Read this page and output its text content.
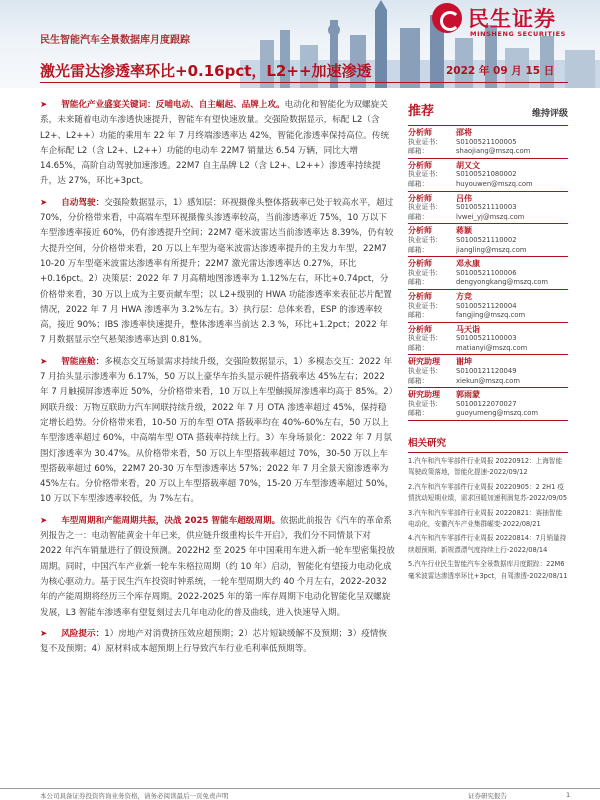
民生证券
MINSHENG SECURITIES
民生智能汽车全景数据库月度跟踪
激光雷达渗透率环比+0.16pct，L2++加速渗透	2022 年 09 月 15 日

➤ 智能化产业盛宴关键词：反哺电动、自主崛起、品牌上攻。电动化和智能化为双螺旋关系，未来随着电动车渗透快速提升，智能车有望快速放量。交强险数据显示，标配 L2（含 L2+、L2++）功能的乘用车 22 年 7 月终端渗透率达 42%，智能化渗透率保持高位。传统车企标配 L2（含 L2+、L2++）功能的电动车 22M7 销量达 6.54 万辆，同比大增 14.65%，高阶自动驾驶加速渗透。22M7 自主品牌 L2（含 L2+、L2++）渗透率持续提升，达 27%，环比+3pct。

➤ 自动驾驶：交强险数据显示，1）感知层：环视摄像头整体搭载率已处于较高水平，超过 70%，分价格带来看，中高端车型环视摄像头渗透率较高，当前渗透率近 75%，10 万以下车型渗透率接近 60%，仍有渗透提升空间；22M7 毫米波雷达当前渗透率达 8.39%，仍有较大提升空间，分价格带来看，20 万以上车型为毫米波雷达渗透率提升的主发力车型，22M7 10-20 万车型毫米波雷达渗透率有所提升；22M7 激光雷达渗透率达 0.27%，环比+0.16pct。2）决策层：2022 年 7 月高精地图渗透率为 1.12%左右，环比+0.74pct，分价格带来看，30 万以上成为主要贡献车型；以 L2+级别的 HWA 功能渗透率来表征芯片配置情况，2022 年 7 月 HWA 渗透率为 3.2%左右。3）执行层：总体来看，ESP 的渗透率较高，接近 90%；IBS 渗透率快速提升，整体渗透率当前达 2.3 %，环比+1.2pct；2022 年 7 月数据显示空气悬架渗透率达到 0.81%。

➤ 智能座舱：多模态交互场景需求持续升级，交强险数据显示，1）多模态交互：2022 年 7 月抬头显示渗透率为 6.17%，50 万以上豪华车抬头显示硬件搭载率达 45%左右；2022 年 7 月触摸屏渗透率近 50%，分价格带来看，10 万以上车型触摸屏渗透率均高于 85%。2）网联升级：万物互联助力汽车网联持续升级，2022 年 7 月 OTA 渗透率超过 45%，保持稳定增长趋势。分价格带来看，10-50 万的车型 OTA 搭载率均在 40%-60%左右，50 万以上车型渗透率超过 60%，中高端车型 OTA 搭载率持续上行。3）车身场景化：2022 年 7 月氛围灯渗透率为 30.47%。从价格带来看，50 万以上车型搭载率超过 70%，30-50 万以上车型搭载率超过 60%，22M7 20-30 万车型渗透率达 57%；2022 年 7 月全景天窗渗透率为 45%左右。分价格带来看，20 万以上车型搭载率超 70%，15-20 万车型渗透率超过 50%，10 万以下车型渗透率较低，为 7%左右。

➤ 车型周期和产能周期共振，决战 2025 智能车超级周期。依据此前报告《汽车的革命系列报告之一：电动智能黄金十年已来，供应链升级重构长牛开启》，我们分不同情景下对 2022 年汽车销量进行了假设预测。2022H2 至 2025 年中国乘用车进入新一轮车型密集投放周期。同时，中国汽车产业新一轮车朱格拉周期（约 10 年）启动，智能化有望接力电动化成为核心驱动力。基于民生汽车投资时钟系统，一轮车型周期大约 40 个月左右，2022-2032 年的产能周期将经历三个库存周期。2022-2025 年的第一库存周期下电动化智能化呈双螺旋发展，L3 智能车渗透率有望复刻过去几年电动化的普及曲线，进入快速导入期。

➤ 风险提示：1）房地产对消费挤压效应超预期；2）芯片短缺缓解不及预期；3）疫情恢复不及预期；4）原材料成本超预期上行导致汽车行业毛利率低预期等。

推荐	维持评级
分析师	邵将
执业证书：	S0100521100005
邮箱：	shaojiang@mszq.com
分析师	胡又文
执业证书：	S0100521080002
邮箱：	huyouwen@mszq.com
分析师	吕伟
执业证书：	S0100521110003
邮箱：	lvwei_yj@mszq.com
分析师	蒋颖
执业证书：	S0100521110002
邮箱：	jiangling@mszq.com
分析师	邓永康
执业证书：	S0100521100006
邮箱：	dengyongkang@mszq.com
分析师	方竞
执业证书：	S0100521120004
邮箱：	fangjing@mszq.com
分析师	马天诣
执业证书：	S0100521100003
邮箱：	matianyi@mszq.com
研究助理	谢坤
执业证书：	S0100121120049
邮箱：	xiekun@mszq.com
研究助理	郭雨蒙
执业证书：	S0100122070027
邮箱：	guoyumeng@mszq.com
相关研究
1.汽车和汽车零部件行业周报 20220912：上海智能驾驶政策落地，智能化提速-2022/09/12
2.汽车和汽车零部件行业周报 20220905：2 2H1 疫情扰动短期业绩，需求回暖加速利润复苏-2022/09/05
3.汽车和汽车零部件行业周报 20220821：赛抽智能电动化，安徽汽车产业集群崛变-2022/08/21
4.汽车和汽车零部件行业周报 20220814：7月销量持续超预期，新规漂漂气度持续上行-2022/08/14
5.汽车行业民生智能汽车全景数据库月度跟踪：22M6毫米波雷达渗透率环比+3pct，自驾渗透-2022/08/11
本公司具备证券投资咨询业务资格，请务必阅读最后一页免责声明	证券研究报告	1
